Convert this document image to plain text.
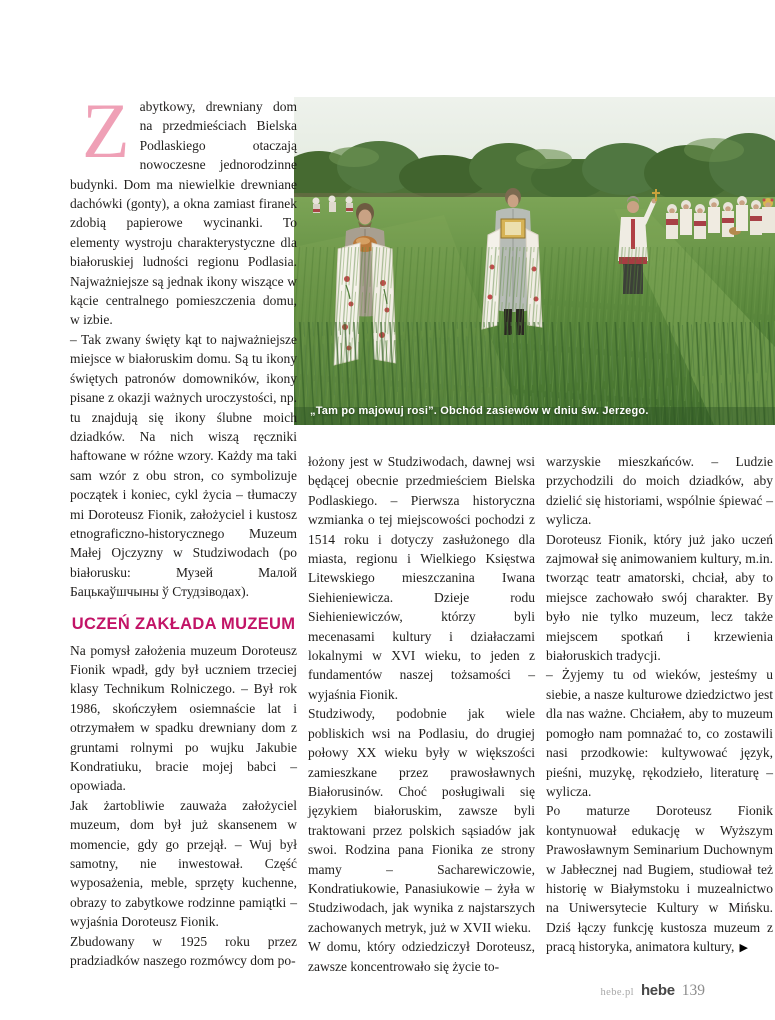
„Tam po majowuj rosi”. Obchód zasiewów w dniu św. Jerzego.

Zabytkowy, drewniany dom na przedmieściach Bielska Podlaskiego otaczają nowoczesne jednorodzinne budynki. Dom ma niewielkie drewniane dachówki (gonty), a okna zamiast firanek zdobią papierowe wycinanki. To elementy wystroju charakterystyczne dla białoruskiej ludności regionu Podlasia. Najważniejsze są jednak ikony wiszące w kącie centralnego pomieszczenia domu, w izbie.

– Tak zwany święty kąt to najważniejsze miejsce w białoruskim domu. Są tu ikony świętych patronów domowników, ikony pisane z okazji ważnych uroczystości, np. tu znajdują się ikony ślubne moich dziadków. Na nich wiszą ręczniki haftowane w różne wzory. Każdy ma taki sam wzór z obu stron, co symbolizuje początek i koniec, cykl życia – tłumaczy mi Doroteusz Fionik, założyciel i kustosz etnograficzno-historycznego Muzeum Małej Ojczyzny w Studziwodach (po białorusku: Музей Малой Бацькаўшчыны ў Студзіводах).

UCZEŃ ZAKŁADA MUZEUM

Na pomysł założenia muzeum Doroteusz Fionik wpadł, gdy był uczniem trzeciej klasy Technikum Rolniczego. – Był rok 1986, skończyłem osiemnaście lat i otrzymałem w spadku drewniany dom z gruntami rolnymi po wujku Jakubie Kondratiuku, bracie mojej babci – opowiada.

Jak żartobliwie zauważa założyciel muzeum, dom był już skansenem w momencie, gdy go przejął. – Wuj był samotny, nie inwestował. Część wyposażenia, meble, sprzęty kuchenne, obrazy to zabytkowe rodzinne pamiątki – wyjaśnia Doroteusz Fionik.

Zbudowany w 1925 roku przez pradziadków naszego rozmówcy dom po-

łożony jest w Studziwodach, dawnej wsi będącej obecnie przedmieściem Bielska Podlaskiego. – Pierwsza historyczna wzmianka o tej miejscowości pochodzi z 1514 roku i dotyczy zasłużonego dla miasta, regionu i Wielkiego Księstwa Litewskiego mieszczanina Iwana Siehieniewicza. Dzieje rodu Siehieniewiczów, którzy byli mecenasami kultury i działaczami lokalnymi w XVI wieku, to jeden z fundamentów naszej tożsamości – wyjaśnia Fionik.

Studziwody, podobnie jak wiele pobliskich wsi na Podlasiu, do drugiej połowy XX wieku były w większości zamieszkane przez prawosławnych Białorusinów. Choć posługiwali się językiem białoruskim, zawsze byli traktowani przez polskich sąsiadów jak swoi. Rodzina pana Fionika ze strony mamy – Sacharewiczowie, Kondratiukowie, Panasiukowie – żyła w Studziwodach, jak wynika z najstarszych zachowanych metryk, już w XVII wieku.

W domu, który odziedziczył Doroteusz, zawsze koncentrowało się życie to-

warzyskie mieszkańców. – Ludzie przychodzili do moich dziadków, aby dzielić się historiami, wspólnie śpiewać – wylicza.

Doroteusz Fionik, który już jako uczeń zajmował się animowaniem kultury, m.in. tworząc teatr amatorski, chciał, aby to miejsce zachowało swój charakter. By było nie tylko muzeum, lecz także miejscem spotkań i krzewienia białoruskich tradycji.

– Żyjemy tu od wieków, jesteśmy u siebie, a nasze kulturowe dziedzictwo jest dla nas ważne. Chciałem, aby to muzeum pomogło nam pomnażać to, co zostawili nasi przodkowie: kultywować język, pieśni, muzykę, rękodzieło, literaturę – wylicza.

Po maturze Doroteusz Fionik kontynuował edukację w Wyższym Prawosławnym Seminarium Duchownym w Jabłecznej nad Bugiem, studiował też historię w Białymstoku i muzealnictwo na Uniwersytecie Kultury w Mińsku. Dziś łączy funkcję kustosza muzeum z pracą historyka, animatora kultury, ▶

hebe.pl hebe 139
